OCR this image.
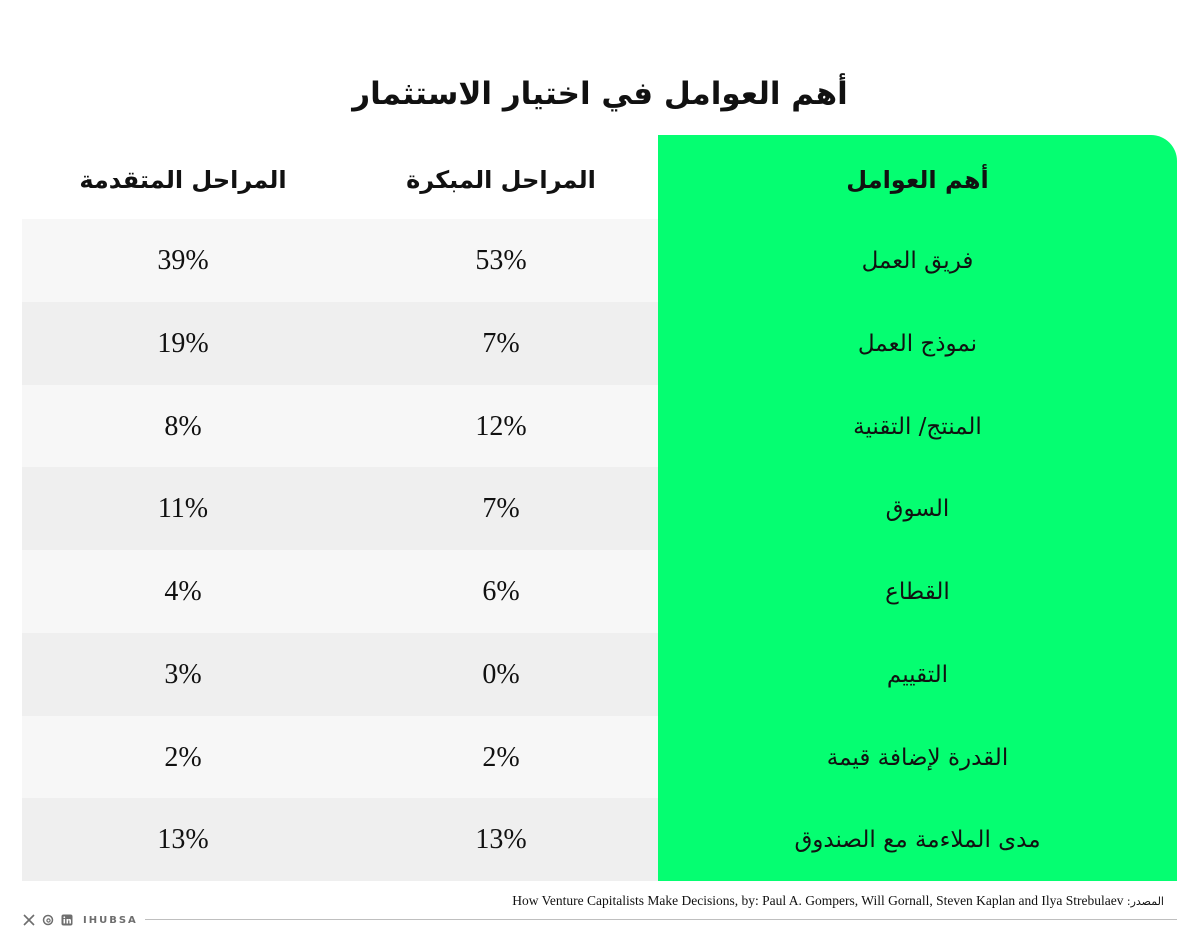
أهم العوامل في اختيار الاستثمار
المراحل المتقدمة	المراحل المبكرة	أهم العوامل
39%	53%	فريق العمل
19%	7%	نموذج العمل
8%	12%	المنتج/ التقنية
11%	7%	السوق
4%	6%	القطاع
3%	0%	التقييم
2%	2%	القدرة لإضافة قيمة
13%	13%	مدى الملاءمة مع الصندوق
How Venture Capitalists Make Decisions, by: Paul A. Gompers, Will Gornall, Steven Kaplan and Ilya Strebulaev المصدر:
IHUBSA
